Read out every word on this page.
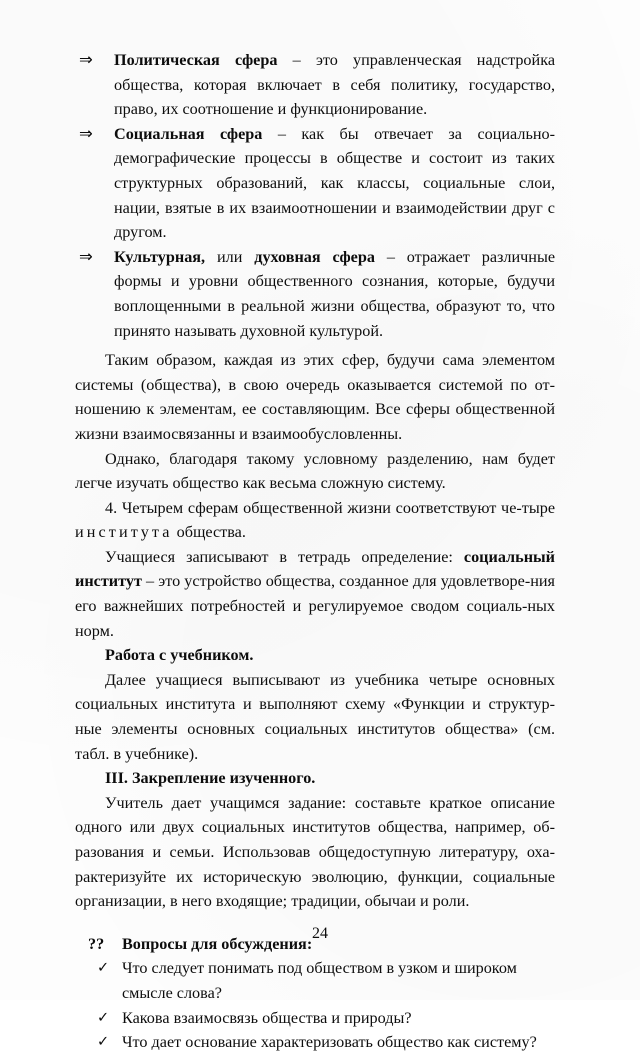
⇒ Политическая сфера – это управленческая надстройка общества, которая включает в себя политику, государство, право, их соотношение и функционирование.
⇒ Социальная сфера – как бы отвечает за социально-демографические процессы в обществе и состоит из таких структурных образований, как классы, социальные слои, нации, взятые в их взаимоотношении и взаимодействии друг с другом.
⇒ Культурная, или духовная сфера – отражает различные формы и уровни общественного сознания, которые, будучи воплощенными в реальной жизни общества, образуют то, что принято называть духовной культурой.

Таким образом, каждая из этих сфер, будучи сама элементом системы (общества), в свою очередь оказывается системой по от-ношению к элементам, ее составляющим. Все сферы общественной жизни взаимосвязанны и взаимообусловленны.

Однако, благодаря такому условному разделению, нам будет легче изучать общество как весьма сложную систему.

4. Четырем сферам общественной жизни соответствуют че-тыре института общества.

Учащиеся записывают в тетрадь определение: социальный институт – это устройство общества, созданное для удовлетворе-ния его важнейших потребностей и регулируемое сводом социаль-ных норм.

Работа с учебником.

Далее учащиеся выписывают из учебника четыре основных социальных института и выполняют схему «Функции и структур-ные элементы основных социальных институтов общества» (см. табл. в учебнике).

III. Закрепление изученного.

Учитель дает учащимся задание: составьте краткое описание одного или двух социальных институтов общества, например, об-разования и семьи. Использовав общедоступную литературу, оха-рактеризуйте их историческую эволюцию, функции, социальные организации, в него входящие; традиции, обычаи и роли.

?? Вопросы для обсуждения:
✓ Что следует понимать под обществом в узком и широком смысле слова?
✓ Какова взаимосвязь общества и природы?
✓ Что дает основание характеризовать общество как систему?
24
